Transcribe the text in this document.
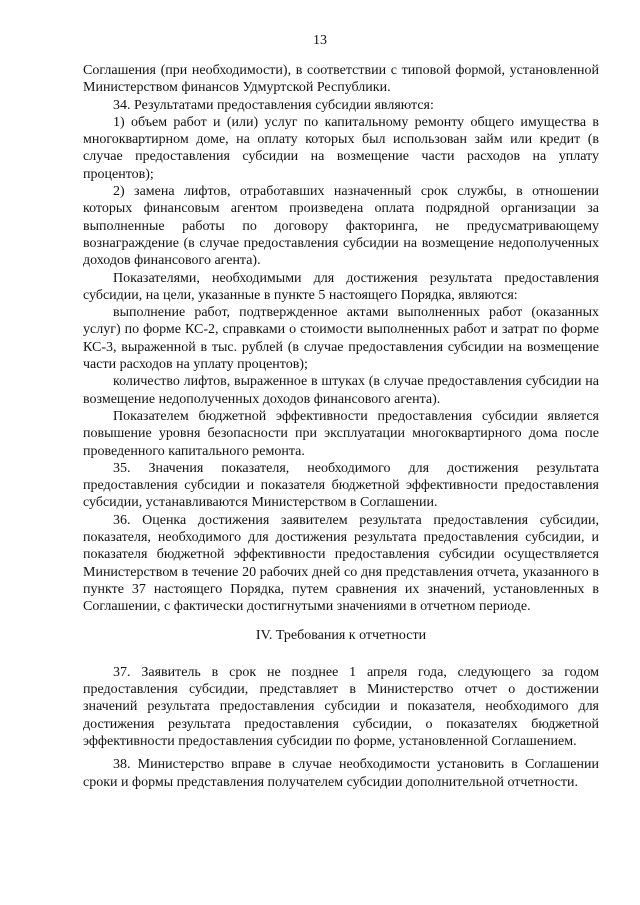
13

Соглашения (при необходимости), в соответствии с типовой формой, установленной Министерством финансов Удмуртской Республики.

34. Результатами предоставления субсидии являются:

1) объем работ и (или) услуг по капитальному ремонту общего имущества в многоквартирном доме, на оплату которых был использован займ или кредит (в случае предоставления субсидии на возмещение части расходов на уплату процентов);

2) замена лифтов, отработавших назначенный срок службы, в отношении которых финансовым агентом произведена оплата подрядной организации за выполненные работы по договору факторинга, не предусматривающему вознаграждение (в случае предоставления субсидии на возмещение недополученных доходов финансового агента).

Показателями, необходимыми для достижения результата предоставления субсидии, на цели, указанные в пункте 5 настоящего Порядка, являются:

выполнение работ, подтвержденное актами выполненных работ (оказанных услуг) по форме КС-2, справками о стоимости выполненных работ и затрат по форме КС-3, выраженной в тыс. рублей (в случае предоставления субсидии на возмещение части расходов на уплату процентов);

количество лифтов, выраженное в штуках (в случае предоставления субсидии на возмещение недополученных доходов финансового агента).

Показателем бюджетной эффективности предоставления субсидии является повышение уровня безопасности при эксплуатации многоквартирного дома после проведенного капитального ремонта.

35. Значения показателя, необходимого для достижения результата предоставления субсидии и показателя бюджетной эффективности предоставления субсидии, устанавливаются Министерством в Соглашении.

36. Оценка достижения заявителем результата предоставления субсидии, показателя, необходимого для достижения результата предоставления субсидии, и показателя бюджетной эффективности предоставления субсидии осуществляется Министерством в течение 20 рабочих дней со дня представления отчета, указанного в пункте 37 настоящего Порядка, путем сравнения их значений, установленных в Соглашении, с фактически достигнутыми значениями в отчетном периоде.

IV. Требования к отчетности

37. Заявитель в срок не позднее 1 апреля года, следующего за годом предоставления субсидии, представляет в Министерство отчет о достижении значений результата предоставления субсидии и показателя, необходимого для достижения результата предоставления субсидии, о показателях бюджетной эффективности предоставления субсидии по форме, установленной Соглашением.

38. Министерство вправе в случае необходимости установить в Соглашении сроки и формы представления получателем субсидии дополнительной отчетности.
